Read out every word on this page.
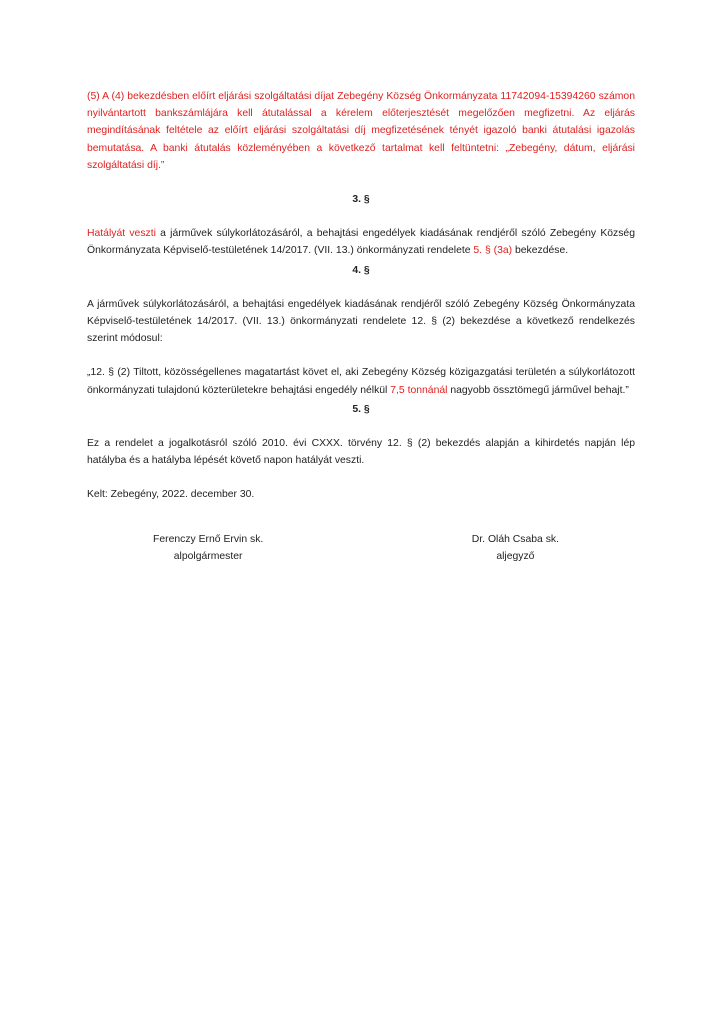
(5) A (4) bekezdésben előírt eljárási szolgáltatási díjat Zebegény Község Önkormányzata 11742094-15394260 számon nyilvántartott bankszámlájára kell átutalással a kérelem előterjesztését megelőzően megfizetni. Az eljárás megindításának feltétele az előírt eljárási szolgáltatási díj megfizetésének tényét igazoló banki átutalási igazolás bemutatása. A banki átutalás közleményében a következő tartalmat kell feltüntetni: „Zebegény, dátum, eljárási szolgáltatási díj.”

3. §

Hatályát veszti a járművek súlykorlátozásáról, a behajtási engedélyek kiadásának rendjéről szóló Zebegény Község Önkormányzata Képviselő-testületének 14/2017. (VII. 13.) önkormányzati rendelete 5. § (3a) bekezdése.

4. §

A járművek súlykorlátozásáról, a behajtási engedélyek kiadásának rendjéről szóló Zebegény Község Önkormányzata Képviselő-testületének 14/2017. (VII. 13.) önkormányzati rendelete 12. § (2) bekezdése a következő rendelkezés szerint módosul:

„12. § (2) Tiltott, közösségellenes magatartást követ el, aki Zebegény Község közigazgatási területén a súlykorlátozott önkormányzati tulajdonú közterületekre behajtási engedély nélkül 7,5 tonnánál nagyobb össztömegű járművel behajt.”

5. §

Ez a rendelet a jogalkotásról szóló 2010. évi CXXX. törvény 12. § (2) bekezdés alapján a kihirdetés napján lép hatályba és a hatályba lépését követő napon hatályát veszti.

Kelt: Zebegény, 2022. december 30.

Ferenczy Ernő Ervin sk.
alpolgármester
Dr. Oláh Csaba sk.
aljegyző
